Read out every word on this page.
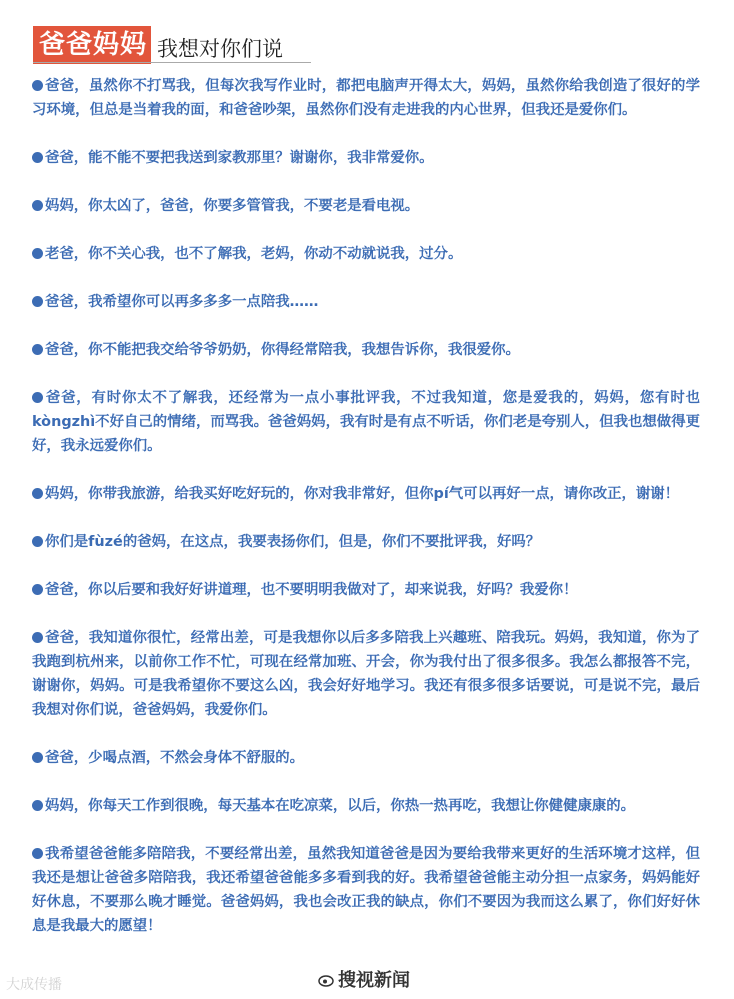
爸爸妈妈 我想对你们说

爸爸，虽然你不打骂我，但每次我写作业时，都把电脑声开得太大，妈妈，虽然你给我创造了很好的学习环境，但总是当着我的面，和爸爸吵架，虽然你们没有走进我的内心世界，但我还是爱你们。

爸爸，能不能不要把我送到家教那里？谢谢你，我非常爱你。

妈妈，你太凶了，爸爸，你要多管管我，不要老是看电视。

老爸，你不关心我，也不了解我，老妈，你动不动就说我，过分。

爸爸，我希望你可以再多多多一点陪我……

爸爸，你不能把我交给爷爷奶奶，你得经常陪我，我想告诉你，我很爱你。

爸爸，有时你太不了解我，还经常为一点小事批评我，不过我知道，您是爱我的，妈妈，您有时也kòngzhì不好自己的情绪，而骂我。爸爸妈妈，我有时是有点不听话，你们老是夸别人，但我也想做得更好，我永远爱你们。

妈妈，你带我旅游，给我买好吃好玩的，你对我非常好，但你pí气可以再好一点，请你改正，谢谢！

你们是fùzé的爸妈，在这点，我要表扬你们，但是，你们不要批评我，好吗？

爸爸，你以后要和我好好讲道理，也不要明明我做对了，却来说我，好吗？我爱你！

爸爸，我知道你很忙，经常出差，可是我想你以后多多陪我上兴趣班、陪我玩。妈妈，我知道，你为了我跑到杭州来，以前你工作不忙，可现在经常加班、开会，你为我付出了很多很多。我怎么都报答不完，谢谢你，妈妈。可是我希望你不要这么凶，我会好好地学习。我还有很多很多话要说，可是说不完，最后我想对你们说，爸爸妈妈，我爱你们。

爸爸，少喝点酒，不然会身体不舒服的。

妈妈，你每天工作到很晚，每天基本在吃凉菜，以后，你热一热再吃，我想让你健健康康的。

我希望爸爸能多陪陪我，不要经常出差，虽然我知道爸爸是因为要给我带来更好的生活环境才这样，但我还是想让爸爸多陪陪我，我还希望爸爸能多多看到我的好。我希望爸爸能主动分担一点家务，妈妈能好好休息，不要那么晚才睡觉。爸爸妈妈，我也会改正我的缺点，你们不要因为我而这么累了，你们好好休息是我最大的愿望！

大成传播	搜视新闻
